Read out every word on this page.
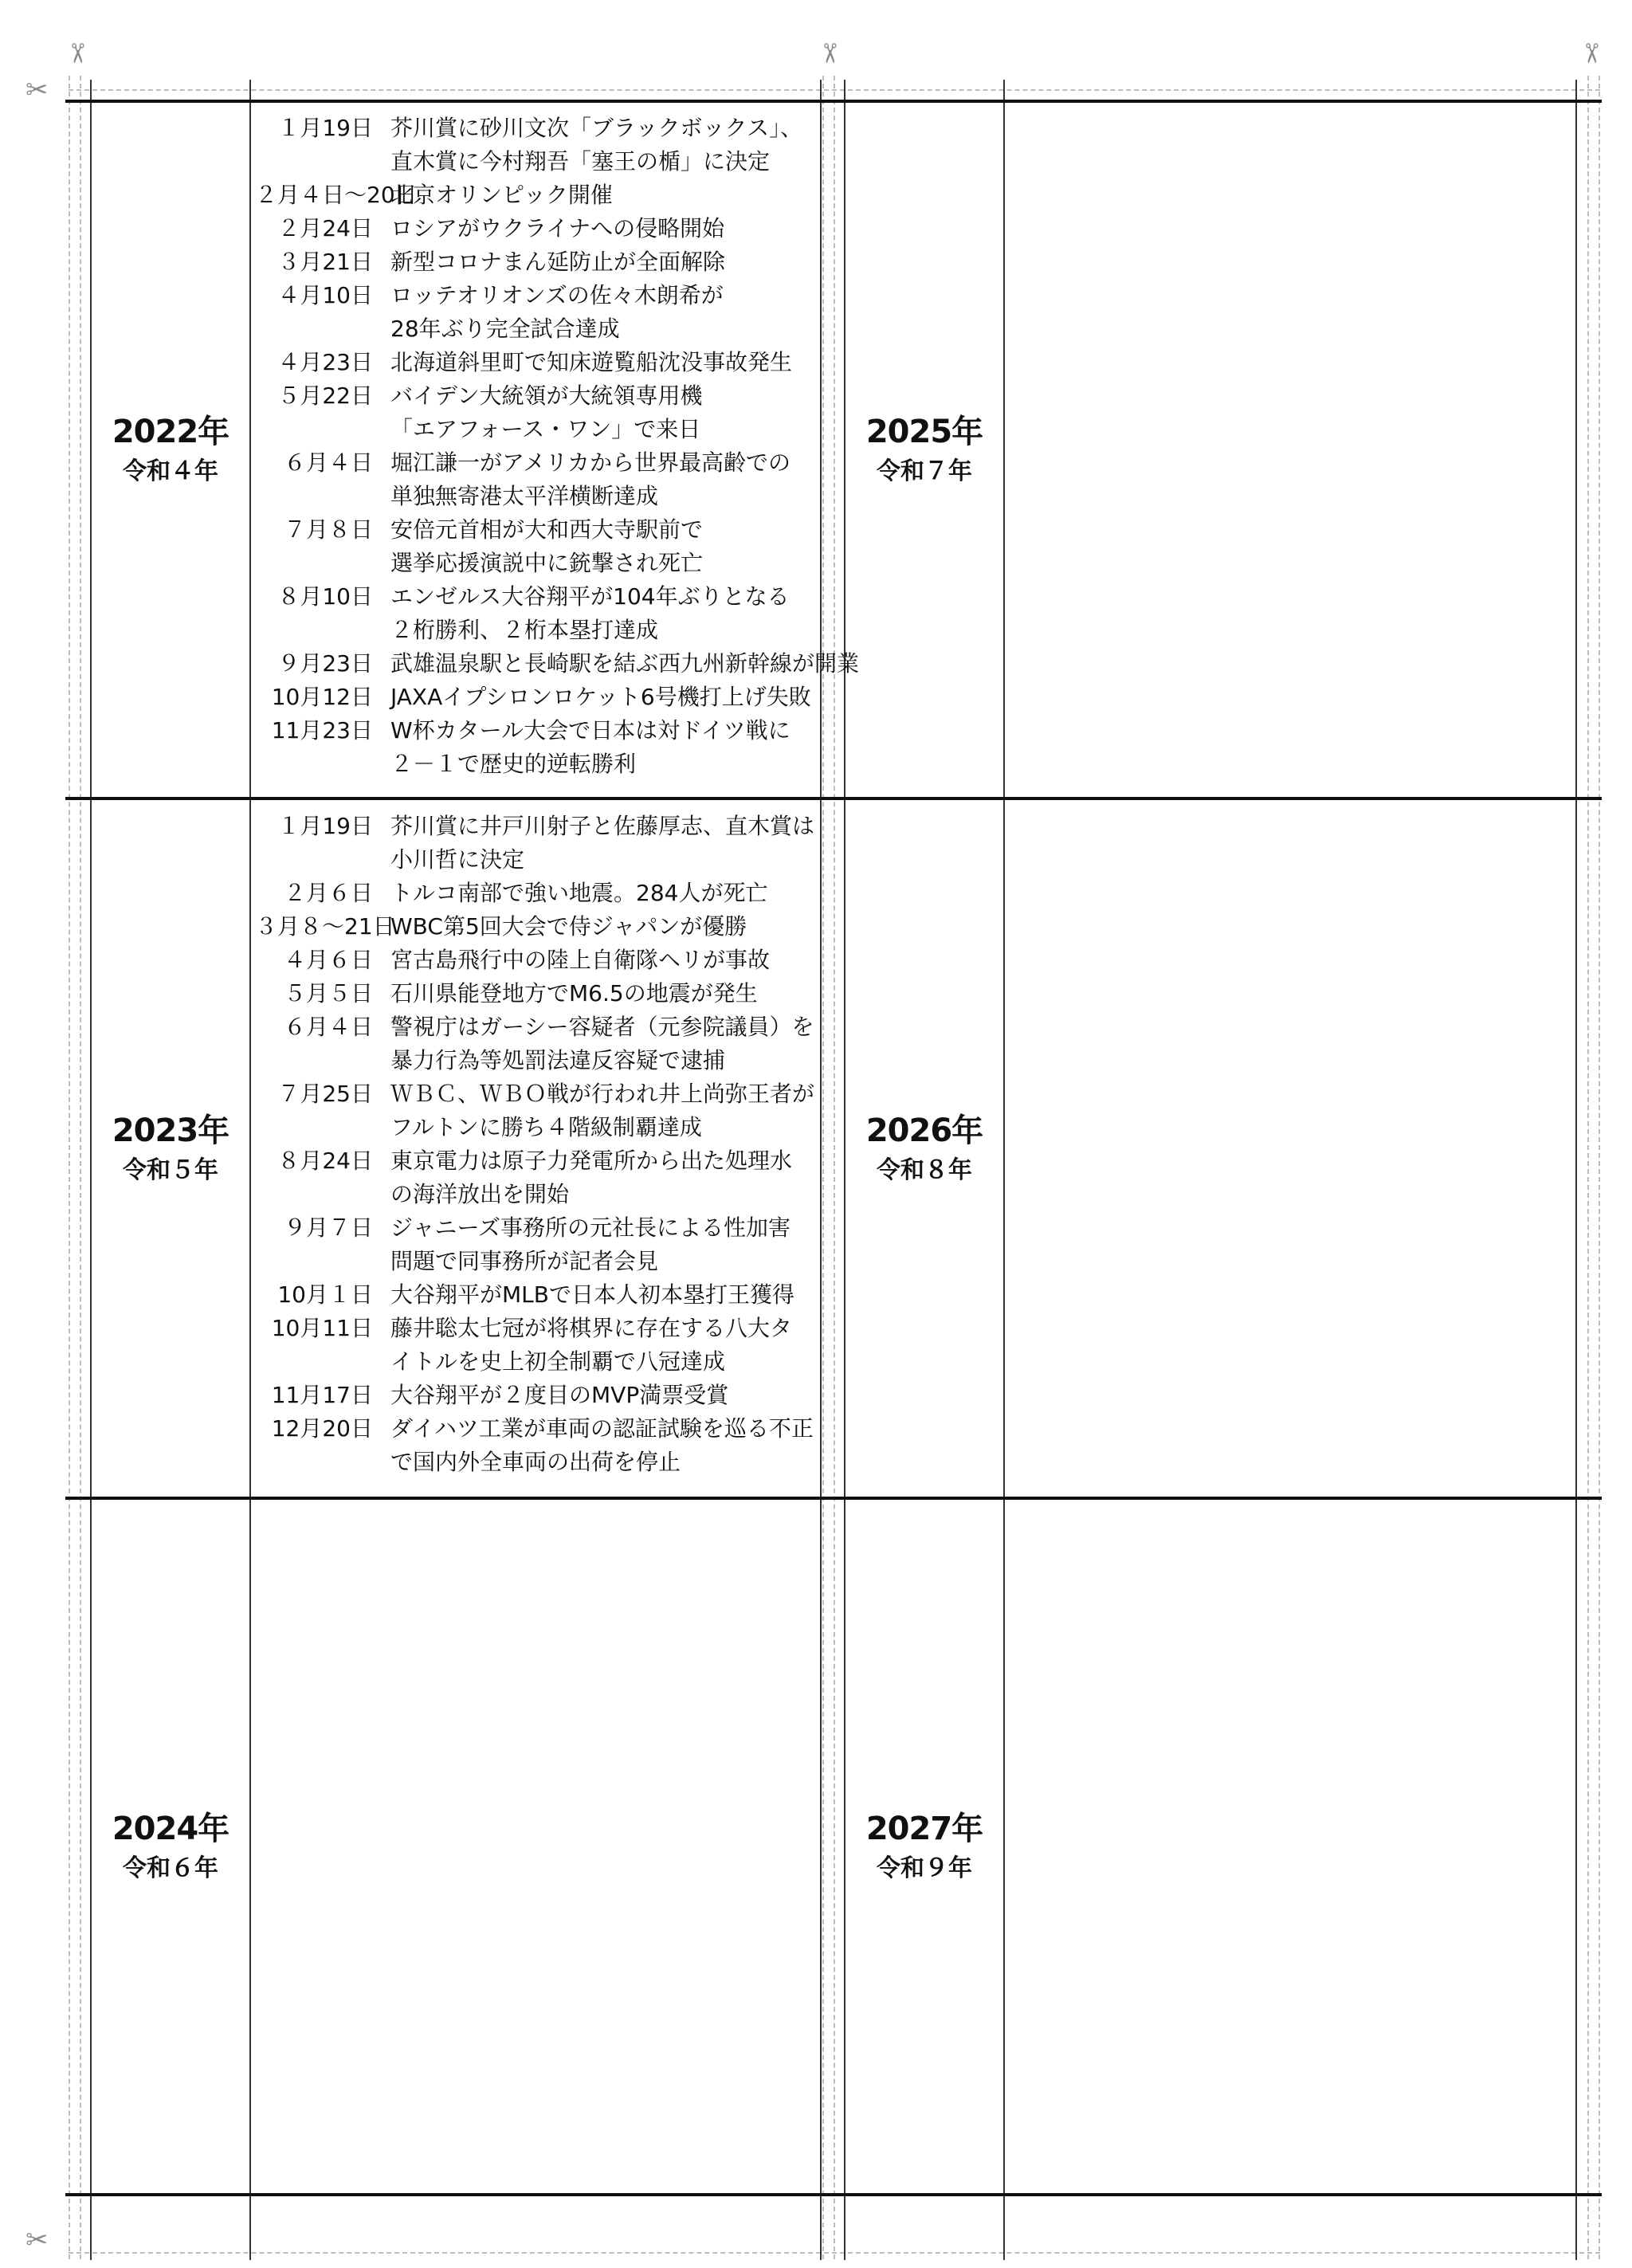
✂	✂	✂
✂
✂
2022年
令和４年
2023年
令和５年
2024年
令和６年
2025年
令和７年
2026年
令和８年
2027年
令和９年
１月19日 芥川賞に砂川文次「ブラックボックス」、
直木賞に今村翔吾「塞王の楯」に決定
２月４日〜20日
北京オリンピック開催
２月24日 ロシアがウクライナへの侵略開始
３月21日 新型コロナまん延防止が全面解除
４月10日 ロッテオリオンズの佐々木朗希が
28年ぶり完全試合達成
４月23日 北海道斜里町で知床遊覧船沈没事故発生
５月22日 バイデン大統領が大統領専用機
「エアフォース・ワン」で来日
６月４日 堀江謙一がアメリカから世界最高齢での
単独無寄港太平洋横断達成
７月８日 安倍元首相が大和西大寺駅前で
選挙応援演説中に銃撃され死亡
８月10日 エンゼルス大谷翔平が104年ぶりとなる
２桁勝利、２桁本塁打達成
９月23日 武雄温泉駅と長崎駅を結ぶ西九州新幹線が開業
10月12日 JAXAイプシロンロケット6号機打上げ失敗
11月23日 W杯カタール大会で日本は対ドイツ戦に
２－１で歴史的逆転勝利
１月19日 芥川賞に井戸川射子と佐藤厚志、直木賞は
小川哲に決定
２月６日 トルコ南部で強い地震。284人が死亡
３月８〜21日
WBC第5回大会で侍ジャパンが優勝
４月６日 宮古島飛行中の陸上自衛隊ヘリが事故
５月５日 石川県能登地方でM6.5の地震が発生
６月４日 警視庁はガーシー容疑者（元参院議員）を
暴力行為等処罰法違反容疑で逮捕
７月25日 ＷＢＣ、ＷＢＯ戦が行われ井上尚弥王者が
フルトンに勝ち４階級制覇達成
８月24日 東京電力は原子力発電所から出た処理水
の海洋放出を開始
９月７日 ジャニーズ事務所の元社長による性加害
問題で同事務所が記者会見
10月１日 大谷翔平がMLBで日本人初本塁打王獲得
10月11日 藤井聡太七冠が将棋界に存在する八大タ
イトルを史上初全制覇で八冠達成
11月17日 大谷翔平が２度目のMVP満票受賞
12月20日 ダイハツ工業が車両の認証試験を巡る不正
で国内外全車両の出荷を停止
